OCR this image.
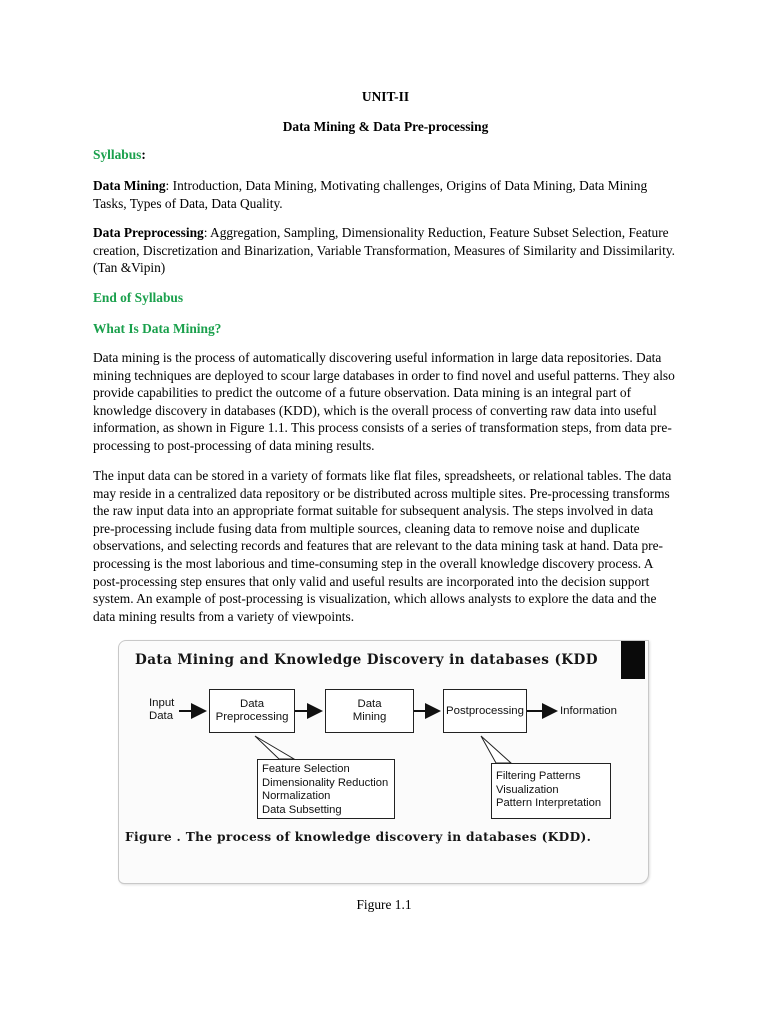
UNIT-II
Data Mining & Data Pre-processing

Syllabus:

Data Mining: Introduction, Data Mining, Motivating challenges, Origins of Data Mining, Data Mining Tasks, Types of Data, Data Quality.

Data Preprocessing: Aggregation, Sampling, Dimensionality Reduction, Feature Subset Selection, Feature creation, Discretization and Binarization, Variable Transformation, Measures of Similarity and Dissimilarity. (Tan &Vipin)

End of Syllabus

What Is Data Mining?

Data mining is the process of automatically discovering useful information in large data repositories. Data mining techniques are deployed to scour large databases in order to find novel and useful patterns. They also provide capabilities to predict the outcome of a future observation. Data mining is an integral part of knowledge discovery in databases (KDD), which is the overall process of converting raw data into useful information, as shown in Figure 1.1. This process consists of a series of transformation steps, from data pre-processing to post-processing of data mining results.

The input data can be stored in a variety of formats like flat files, spreadsheets, or relational tables. The data may reside in a centralized data repository or be distributed across multiple sites. Pre-processing transforms the raw input data into an appropriate format suitable for subsequent analysis. The steps involved in data pre-processing include fusing data from multiple sources, cleaning data to remove noise and duplicate observations, and selecting records and features that are relevant to the data mining task at hand. Data pre-processing is the most laborious and time-consuming step in the overall knowledge discovery process. A post-processing step ensures that only valid and useful results are incorporated into the decision support system. An example of post-processing is visualization, which allows analysts to explore the data and the data mining results from a variety of viewpoints.

Data Mining and Knowledge Discovery in databases (KDD
Input
Data
Data
Preprocessing
Data
Mining
Postprocessing	Information
Feature Selection
Dimensionality Reduction
Normalization
Data Subsetting
Filtering Patterns
Visualization
Pattern Interpretation
Figure . The process of knowledge discovery in databases (KDD).
Figure 1.1
